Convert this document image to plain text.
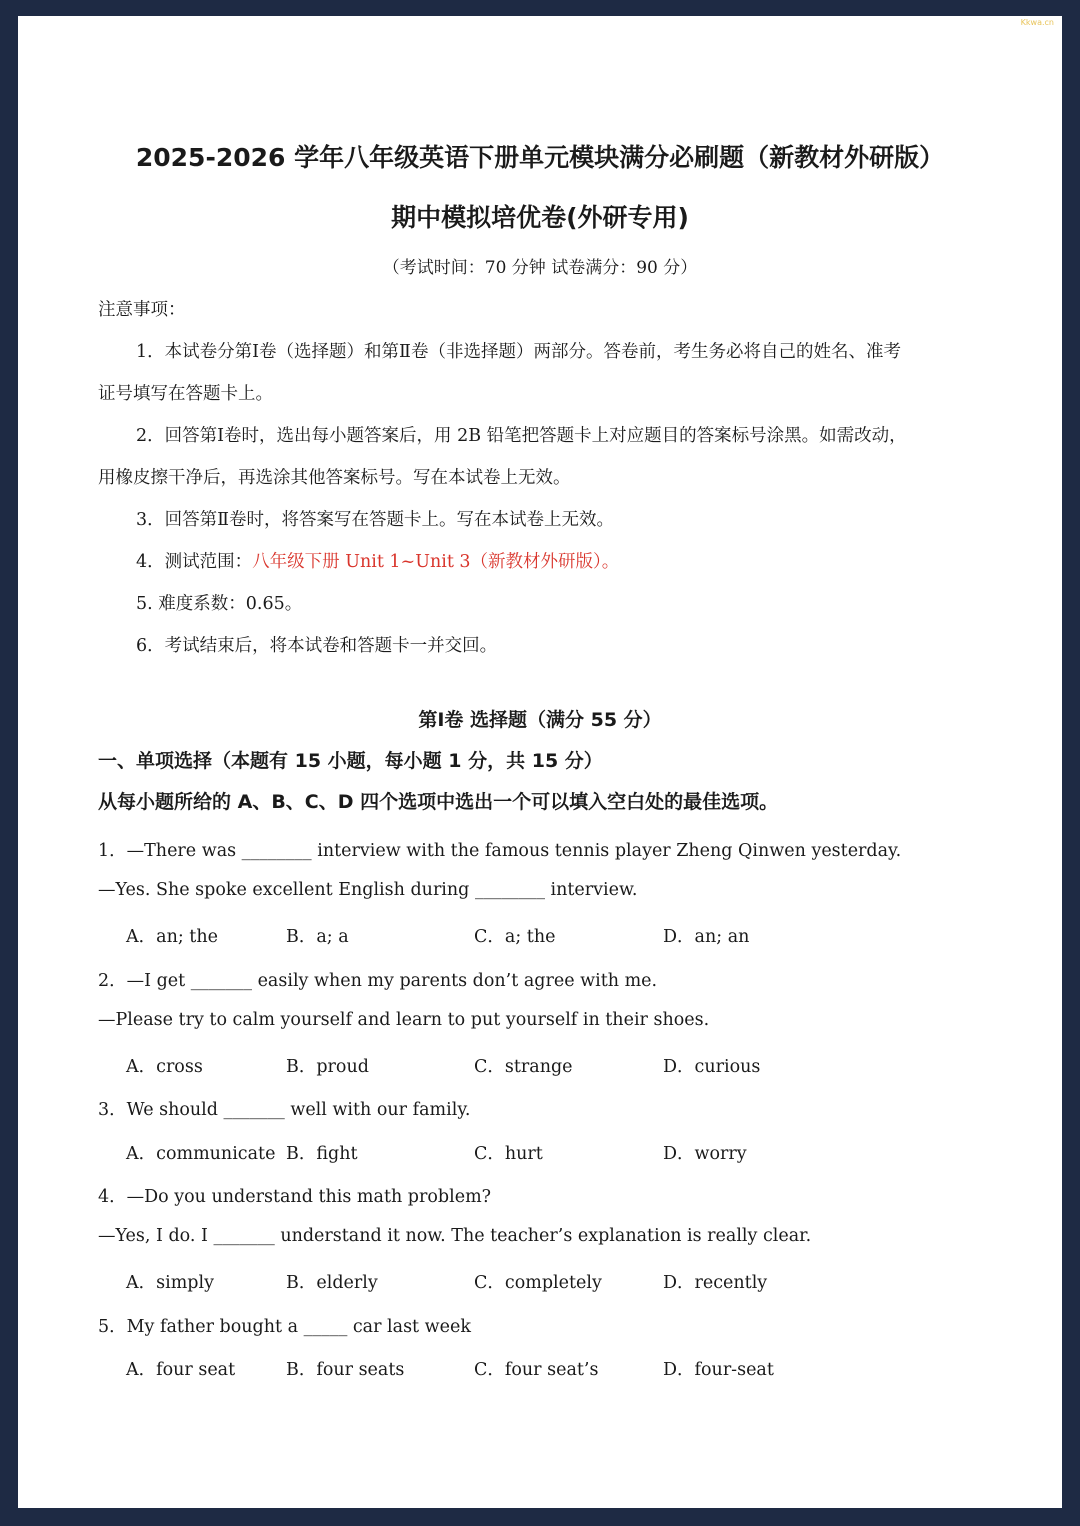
Kkwa.cn
2025-2026 学年八年级英语下册单元模块满分必刷题（新教材外研版）
期中模拟培优卷(外研专用)
（考试时间：70 分钟 试卷满分：90 分）
注意事项：
1．本试卷分第Ⅰ卷（选择题）和第Ⅱ卷（非选择题）两部分。答卷前，考生务必将自己的姓名、准考
证号填写在答题卡上。
2．回答第Ⅰ卷时，选出每小题答案后，用 2B 铅笔把答题卡上对应题目的答案标号涂黑。如需改动，
用橡皮擦干净后，再选涂其他答案标号。写在本试卷上无效。
3．回答第Ⅱ卷时，将答案写在答题卡上。写在本试卷上无效。
4．测试范围：八年级下册 Unit 1~Unit 3（新教材外研版）。
5. 难度系数：0.65。
6．考试结束后，将本试卷和答题卡一并交回。
第Ⅰ卷 选择题（满分 55 分）
一、单项选择（本题有 15 小题，每小题 1 分，共 15 分）
从每小题所给的 A、B、C、D 四个选项中选出一个可以填入空白处的最佳选项。
1．—There was ________ interview with the famous tennis player Zheng Qinwen yesterday.
—Yes. She spoke excellent English during ________ interview.
A．an; the	B．a; a	C．a; the	D．an; an
2．—I get _______ easily when my parents don’t agree with me.
—Please try to calm yourself and learn to put yourself in their shoes.
A．cross	B．proud	C．strange	D．curious
3．We should _______ well with our family.
A．communicate B．fight	C．hurt	D．worry
4．—Do you understand this math problem?
—Yes, I do. I _______ understand it now. The teacher’s explanation is really clear.
A．simply	B．elderly	C．completely	D．recently
5．My father bought a _____ car last week
A．four seat	B．four seats	C．four seat’s	D．four-seat
